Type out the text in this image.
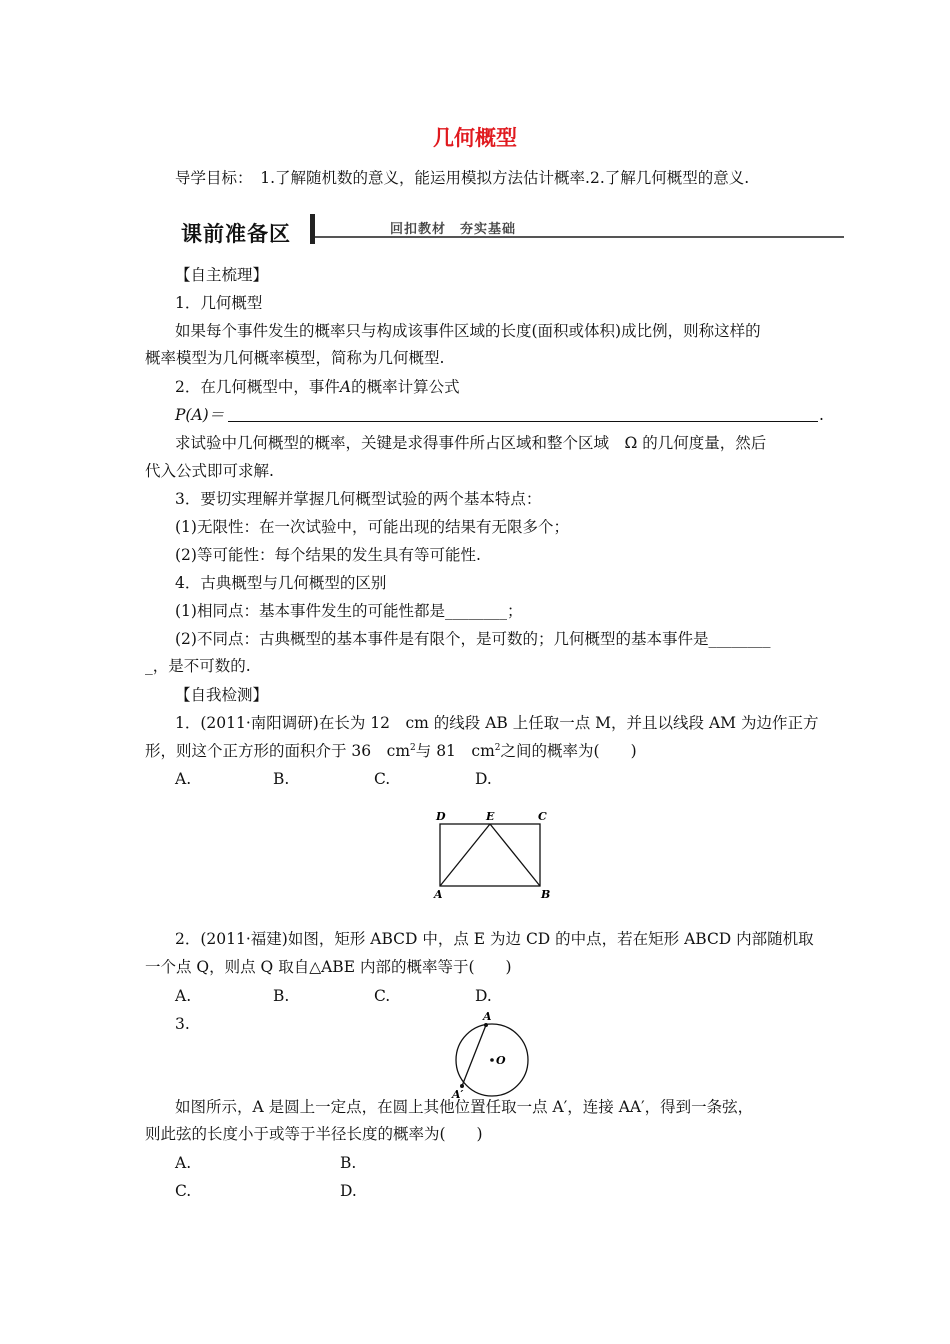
几何概型
导学目标：　1.了解随机数的意义，能运用模拟方法估计概率.2.了解几何概型的意义.
课前准备区	回扣教材　夯实基础
【自主梳理】
1．几何概型
如果每个事件发生的概率只与构成该事件区域的长度(面积或体积)成比例，则称这样的
概率模型为几何概率模型，简称为几何概型.
2．在几何概型中，事件A的概率计算公式
P(A)＝	.
求试验中几何概型的概率，关键是求得事件所占区域和整个区域　Ω 的几何度量，然后
代入公式即可求解.
3．要切实理解并掌握几何概型试验的两个基本特点：
(1)无限性：在一次试验中，可能出现的结果有无限多个；
(2)等可能性：每个结果的发生具有等可能性.
4．古典概型与几何概型的区别
(1)相同点：基本事件发生的可能性都是________；
(2)不同点：古典概型的基本事件是有限个，是可数的；几何概型的基本事件是________
_，是不可数的.
【自我检测】
1．(2011·南阳调研)在长为 12　cm 的线段 AB 上任取一点 M，并且以线段 AM 为边作正方
形，则这个正方形的面积介于 36　$cm^2$与 81　$cm^2$之间的概率为(　　)
A.	B.	C.	D.
D	E	C
A	B
2．(2011·福建)如图，矩形 ABCD 中，点 E 为边 CD 的中点，若在矩形 ABCD 内部随机取
一个点 Q，则点 Q 取自△ABE 内部的概率等于(　　)
A.	B.	C.	D.
3.	A
O
A′
如图所示，A 是圆上一定点，在圆上其他位置任取一点 A′，连接 AA′，得到一条弦，
则此弦的长度小于或等于半径长度的概率为(　　)
A.	B.
C.	D.
